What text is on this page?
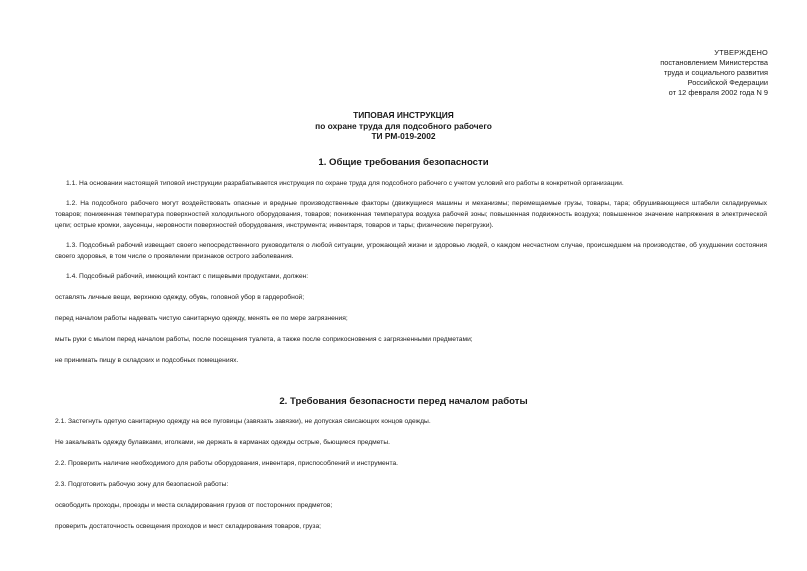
УТВЕРЖДЕНО
постановлением Министерства
труда и социального развития
Российской Федерации
от 12 февраля 2002 года N 9
ТИПОВАЯ ИНСТРУКЦИЯ
по охране труда для подсобного рабочего
ТИ РМ-019-2002
1. Общие требования безопасности
1.1. На основании настоящей типовой инструкции разрабатывается инструкция по охране труда для подсобного рабочего с учетом условий его работы в конкретной организации.
1.2. На подсобного рабочего могут воздействовать опасные и вредные производственные факторы (движущиеся машины и механизмы; перемещаемые грузы, товары, тара; обрушивающиеся штабели складируемых товаров; пониженная температура поверхностей холодильного оборудования, товаров; пониженная температура воздуха рабочей зоны; повышенная подвижность воздуха; повышенное значение напряжения в электрической цепи; острые кромки, заусенцы, неровности поверхностей оборудования, инструмента; инвентаря, товаров и тары; физические перегрузки).
1.3. Подсобный рабочий извещает своего непосредственного руководителя о любой ситуации, угрожающей жизни и здоровью людей, о каждом несчастном случае, происшедшем на производстве, об ухудшении состояния своего здоровья, в том числе о проявлении признаков острого заболевания.
1.4. Подсобный рабочий, имеющий контакт с пищевыми продуктами, должен:
оставлять личные вещи, верхнюю одежду, обувь, головной убор в гардеробной;
перед началом работы надевать чистую санитарную одежду, менять ее по мере загрязнения;
мыть руки с мылом перед началом работы, после посещения туалета, а также после соприкосновения с загрязненными предметами;
не принимать пищу в складских и подсобных помещениях.
2. Требования безопасности перед началом работы
2.1. Застегнуть одетую санитарную одежду на все пуговицы (завязать завязки), не допуская свисающих концов одежды.
Не закалывать одежду булавками, иголками, не держать в карманах одежды острые, бьющиеся предметы.
2.2. Проверить наличие необходимого для работы оборудования, инвентаря, приспособлений и инструмента.
2.3. Подготовить рабочую зону для безопасной работы:
освободить проходы, проезды и места складирования грузов от посторонних предметов;
проверить достаточность освещения проходов и мест складирования товаров, груза;
